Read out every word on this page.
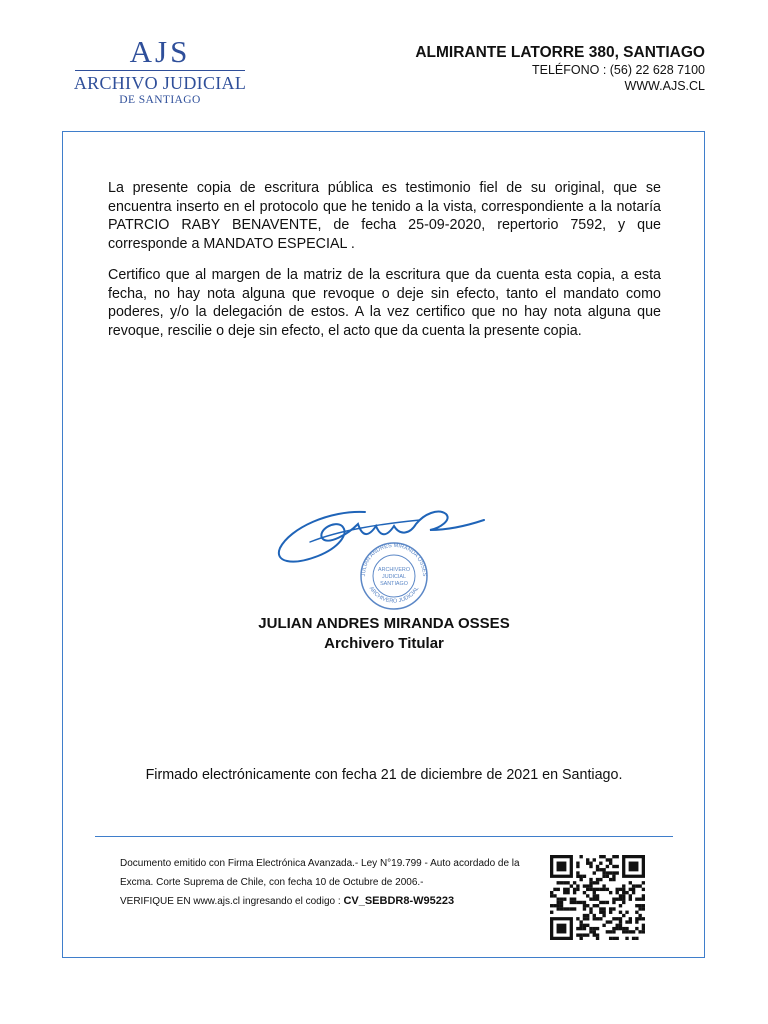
AJS
ARCHIVO JUDICIAL
DE SANTIAGO
ALMIRANTE LATORRE 380, SANTIAGO
TELÉFONO : (56) 22 628 7100
WWW.AJS.CL

La presente copia de escritura pública es testimonio fiel de su original, que se encuentra inserto en el protocolo que he tenido a la vista, correspondiente a la notaría PATRCIO RABY BENAVENTE, de fecha 25-09-2020, repertorio 7592, y que corresponde a MANDATO ESPECIAL .

Certifico que al margen de la matriz de la escritura que da cuenta esta copia, a esta fecha, no hay nota alguna que revoque o deje sin efecto, tanto el mandato como poderes, y/o la delegación de estos. A la vez certifico que no hay nota alguna que revoque, rescilie o deje sin efecto, el acto que da cuenta la presente copia.

JULIAN ANDRES MIRANDA OSSES
ARCHIVERO JUDICIAL
ARCHIVERO
JUDICIAL
SANTIAGO
JULIAN ANDRES MIRANDA OSSES
Archivero Titular
Firmado electrónicamente con fecha 21 de diciembre de 2021 en Santiago.

Documento emitido con Firma Electrónica Avanzada.- Ley N°19.799 - Auto acordado de la Excma. Corte Suprema de Chile, con fecha 10 de Octubre de 2006.-
VERIFIQUE EN www.ajs.cl ingresando el codigo : CV_SEBDR8-W95223
